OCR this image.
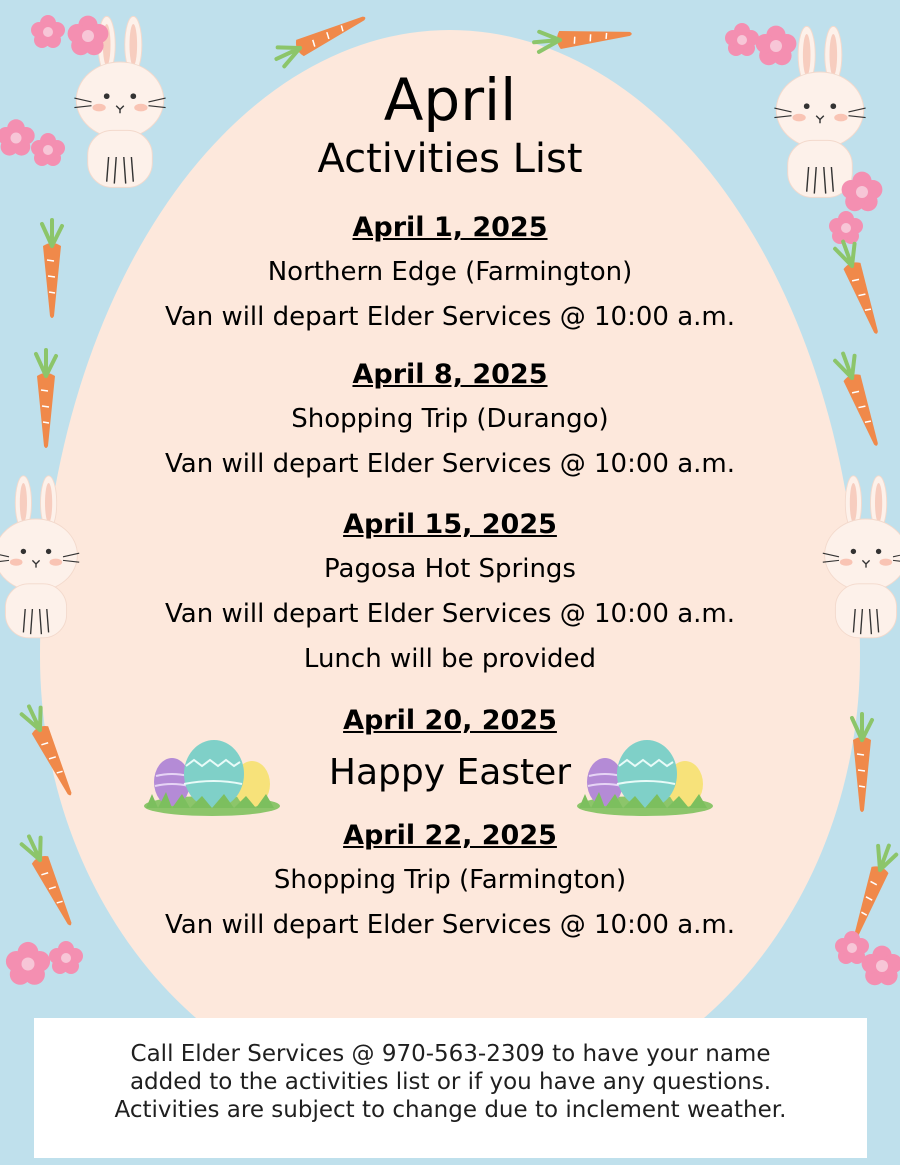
April
Activities List
April 1, 2025
Northern Edge (Farmington)
Van will depart Elder Services @ 10:00 a.m.
April 8, 2025
Shopping Trip (Durango)
Van will depart Elder Services @ 10:00 a.m.
April 15, 2025
Pagosa Hot Springs
Van will depart Elder Services @ 10:00 a.m.
Lunch will be provided
April 20, 2025
Happy Easter
April 22, 2025
Shopping Trip (Farmington)
Van will depart Elder Services @ 10:00 a.m.
Call Elder Services @ 970-563-2309 to have your name
added to the activities list or if you have any questions.
Activities are subject to change due to inclement weather.
